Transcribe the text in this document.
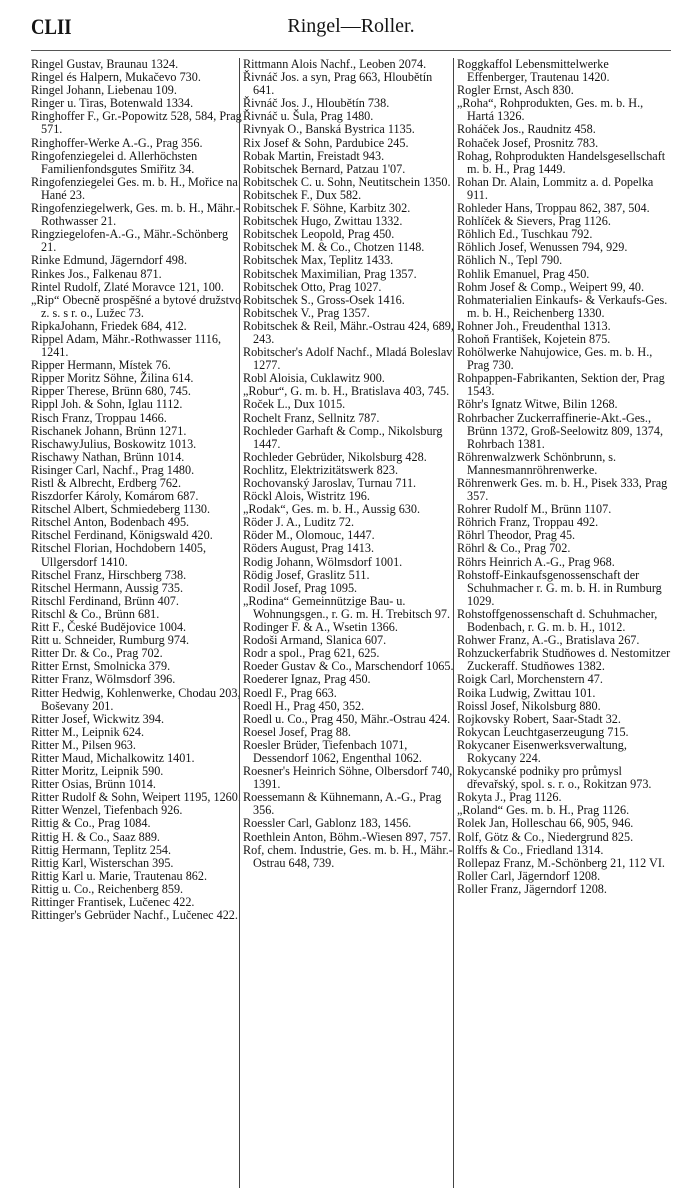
CLII	Ringel—Roller.

Ringel Gustav, Braunau 1324.

Ringel és Halpern, Mukačevo 730.

Ringel Johann, Liebenau 109.

Ringer u. Tiras, Botenwald 1334.

Ringhoffer F., Gr.-Popowitz 528, 584, Prag 571.

Ringhoffer-Werke A.-G., Prag 356.

Ringofenziegelei d. Allerhöchsten Familienfondsgutes Smiřitz 34.

Ringofenziegelei Ges. m. b. H., Mořice na Hané 23.

Ringofenziegelwerk, Ges. m. b. H., Mähr.-Rothwasser 21.

Ringziegelofen-A.-G., Mähr.-Schönberg 21.

Rinke Edmund, Jägerndorf 498.

Rinkes Jos., Falkenau 871.

Rintel Rudolf, Zlaté Moravce 121, 100.

„Rip“ Obecně prospěšné a bytové družstvo z. s. s r. o., Lužec 73.

RipkaJohann, Friedek 684, 412.

Rippel Adam, Mähr.-Rothwasser 1116, 1241.

Ripper Hermann, Místek 76.

Ripper Moritz Söhne, Žilina 614.

Ripper Therese, Brünn 680, 745.

Rippl Joh. & Sohn, Iglau 1112.

Risch Franz, Troppau 1466.

Rischanek Johann, Brünn 1271.

RischawyJulius, Boskowitz 1013.

Rischawy Nathan, Brünn 1014.

Risinger Carl, Nachf., Prag 1480.

Ristl & Albrecht, Erdberg 762.

Riszdorfer Károly, Komárom 687.

Ritschel Albert, Schmiedeberg 1130.

Ritschel Anton, Bodenbach 495.

Ritschel Ferdinand, Königswald 420.

Ritschel Florian, Hochdobern 1405, Ullgersdorf 1410.

Ritschel Franz, Hirschberg 738.

Ritschel Hermann, Aussig 735.

Ritschl Ferdinand, Brünn 407.

Ritschl & Co., Brünn 681.

Ritt F., České Budějovice 1004.

Ritt u. Schneider, Rumburg 974.

Ritter Dr. & Co., Prag 702.

Ritter Ernst, Smolnicka 379.

Ritter Franz, Wölmsdorf 396.

Ritter Hedwig, Kohlenwerke, Chodau 203, Boševany 201.

Ritter Josef, Wickwitz 394.

Ritter M., Leipnik 624.

Ritter M., Pilsen 963.

Ritter Maud, Michalkowitz 1401.

Ritter Moritz, Leipnik 590.

Ritter Osias, Brünn 1014.

Ritter Rudolf & Sohn, Weipert 1195, 1260.

Ritter Wenzel, Tiefenbach 926.

Rittig & Co., Prag 1084.

Rittig H. & Co., Saaz 889.

Rittig Hermann, Teplitz 254.

Rittig Karl, Wisterschan 395.

Rittig Karl u. Marie, Trautenau 862.

Rittig u. Co., Reichenberg 859.

Rittinger Frantisek, Lučenec 422.

Rittinger's Gebrüder Nachf., Lučenec 422.

Rittmann Alois Nachf., Leoben 2074.

Řivnáč Jos. a syn, Prag 663, Hloubětín 641.

Řivnáč Jos. J., Hloubětín 738.

Řivnáč u. Šula, Prag 1480.

Rivnyak O., Banská Bystrica 1135.

Rix Josef & Sohn, Pardubice 245.

Robak Martin, Freistadt 943.

Robitschek Bernard, Patzau 1'07.

Robitschek C. u. Sohn, Neutitschein 1350.

Robitschek F., Dux 582.

Robitschek F. Söhne, Karbitz 302.

Robitschek Hugo, Zwittau 1332.

Robitschek Leopold, Prag 450.

Robitschek M. & Co., Chotzen 1148.

Robitschek Max, Teplitz 1433.

Robitschek Maximilian, Prag 1357.

Robitschek Otto, Prag 1027.

Robitschek S., Gross-Osek 1416.

Robitschek V., Prag 1357.

Robitschek & Reil, Mähr.-Ostrau 424, 689, 243.

Robitscher's Adolf Nachf., Mladá Boleslav 1277.

Robl Aloisia, Cuklawitz 900.

„Robur“, G. m. b. H., Bratislava 403, 745.

Roček L., Dux 1015.

Rochelt Franz, Sellnitz 787.

Rochleder Garhaft & Comp., Nikolsburg 1447.

Rochleder Gebrüder, Nikolsburg 428.

Rochlitz, Elektrizitätswerk 823.

Rochovanský Jaroslav, Turnau 711.

Röckl Alois, Wistritz 196.

„Rodak“, Ges. m. b. H., Aussig 630.

Röder J. A., Luditz 72.

Röder M., Olomouc, 1447.

Röders August, Prag 1413.

Rodig Johann, Wölmsdorf 1001.

Rödig Josef, Graslitz 511.

Rodil Josef, Prag 1095.

„Rodina“ Gemeinnützige Bau- u. Wohnungsgen., r. G. m. H. Trebitsch 97.

Rodinger F. & A., Wsetin 1366.

Rodoši Armand, Slanica 607.

Rodr a spol., Prag 621, 625.

Roeder Gustav & Co., Marschendorf 1065.

Roederer Ignaz, Prag 450.

Roedl F., Prag 663.

Roedl H., Prag 450, 352.

Roedl u. Co., Prag 450, Mähr.-Ostrau 424.

Roesel Josef, Prag 88.

Roesler Brüder, Tiefenbach 1071, Dessendorf 1062, Engenthal 1062.

Roesner's Heinrich Söhne, Olbersdorf 740, 1391.

Roessemann & Kühnemann, A.-G., Prag 356.

Roessler Carl, Gablonz 183, 1456.

Roethlein Anton, Böhm.-Wiesen 897, 757.

Rof, chem. Industrie, Ges. m. b. H., Mähr.-Ostrau 648, 739.

Roggkaffol Lebensmittelwerke Effenberger, Trautenau 1420.

Rogler Ernst, Asch 830.

„Roha“, Rohprodukten, Ges. m. b. H., Hartá 1326.

Roháček Jos., Raudnitz 458.

Rohaček Josef, Prosnitz 783.

Rohag, Rohprodukten Handelsgesellschaft m. b. H., Prag 1449.

Rohan Dr. Alain, Lommitz a. d. Popelka 911.

Rohleder Hans, Troppau 862, 387, 504.

Rohlíček & Sievers, Prag 1126.

Röhlich Ed., Tuschkau 792.

Röhlich Josef, Wenussen 794, 929.

Röhlich N., Tepl 790.

Rohlik Emanuel, Prag 450.

Rohm Josef & Comp., Weipert 99, 40.

Rohmaterialien Einkaufs- & Verkaufs-Ges. m. b. H., Reichenberg 1330.

Rohner Joh., Freudenthal 1313.

Rohoň František, Kojetein 875.

Rohölwerke Nahujowice, Ges. m. b. H., Prag 730.

Rohpappen-Fabrikanten, Sektion der, Prag 1543.

Röhr's Ignatz Witwe, Bilin 1268.

Rohrbacher Zuckerraffinerie-Akt.-Ges., Brünn 1372, Groß-Seelowitz 809, 1374, Rohrbach 1381.

Röhrenwalzwerk Schönbrunn, s. Mannesmannröhrenwerke.

Röhrenwerk Ges. m. b. H., Pisek 333, Prag 357.

Rohrer Rudolf M., Brünn 1107.

Röhrich Franz, Troppau 492.

Röhrl Theodor, Prag 45.

Röhrl & Co., Prag 702.

Röhrs Heinrich A.-G., Prag 968.

Rohstoff-Einkaufsgenossenschaft der Schuhmacher r. G. m. b. H. in Rumburg 1029.

Rohstoffgenossenschaft d. Schuhmacher, Bodenbach, r. G. m. b. H., 1012.

Rohwer Franz, A.-G., Bratislava 267.

Rohzuckerfabrik Studňowes d. Nestomitzer Zuckeraff. Studňowes 1382.

Roigk Carl, Morchenstern 47.

Roika Ludwig, Zwittau 101.

Roissl Josef, Nikolsburg 880.

Rojkovsky Robert, Saar-Stadt 32.

Rokycan Leuchtgaserzeugung 715.

Rokycaner Eisenwerksverwaltung, Rokycany 224.

Rokycanské podniky pro průmysl dřevařský, spol. s. r. o., Rokitzan 973.

Rokyta J., Prag 1126.

„Roland“ Ges. m. b. H., Prag 1126.

Rolek Jan, Holleschau 66, 905, 946.

Rolf, Götz & Co., Niedergrund 825.

Rolffs & Co., Friedland 1314.

Rollepaz Franz, M.-Schönberg 21, 112 VI.

Roller Carl, Jägerndorf 1208.

Roller Franz, Jägerndorf 1208.
